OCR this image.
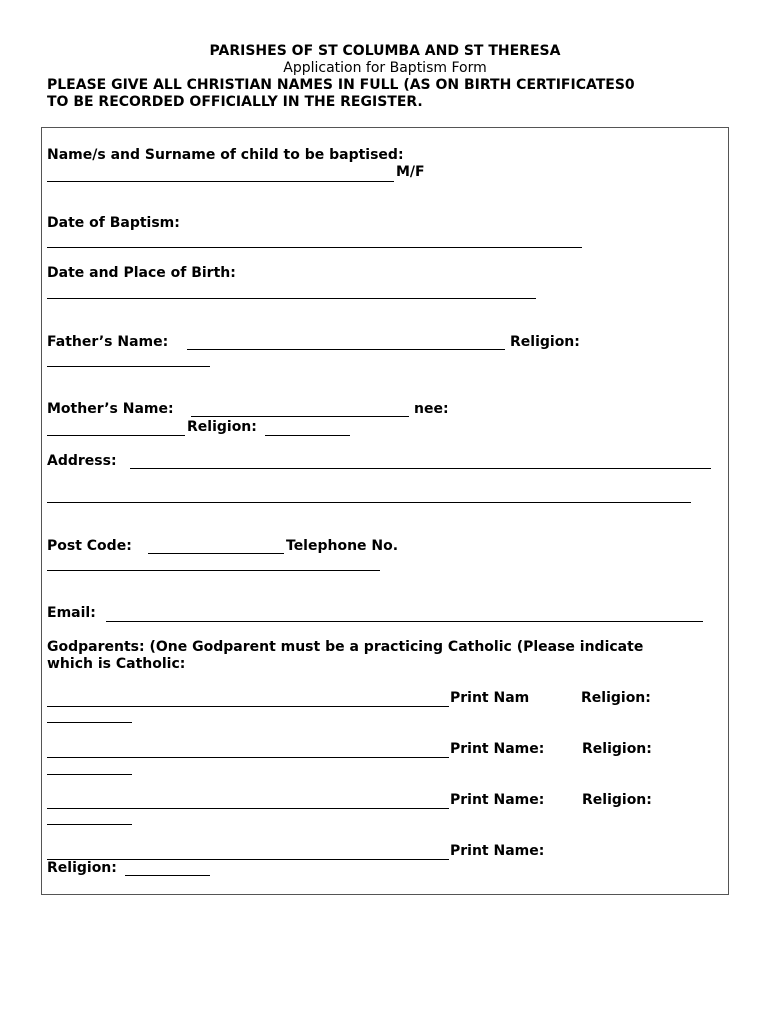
PARISHES OF ST COLUMBA AND ST THERESA
Application for Baptism Form
PLEASE GIVE ALL CHRISTIAN NAMES IN FULL (AS ON BIRTH CERTIFICATES0
TO BE RECORDED OFFICIALLY IN THE REGISTER.
Name/s and Surname of child to be baptised:
M/F
Date of Baptism:
Date and Place of Birth:
Father’s Name:	Religion:
Mother’s Name:	nee:
Religion:
Address:
Post Code:	Telephone No.
Email:
Godparents: (One Godparent must be a practicing Catholic (Please indicate
which is Catholic:
Print Nam	Religion:
Print Name:	Religion:
Print Name:	Religion:
Print Name:
Religion:
